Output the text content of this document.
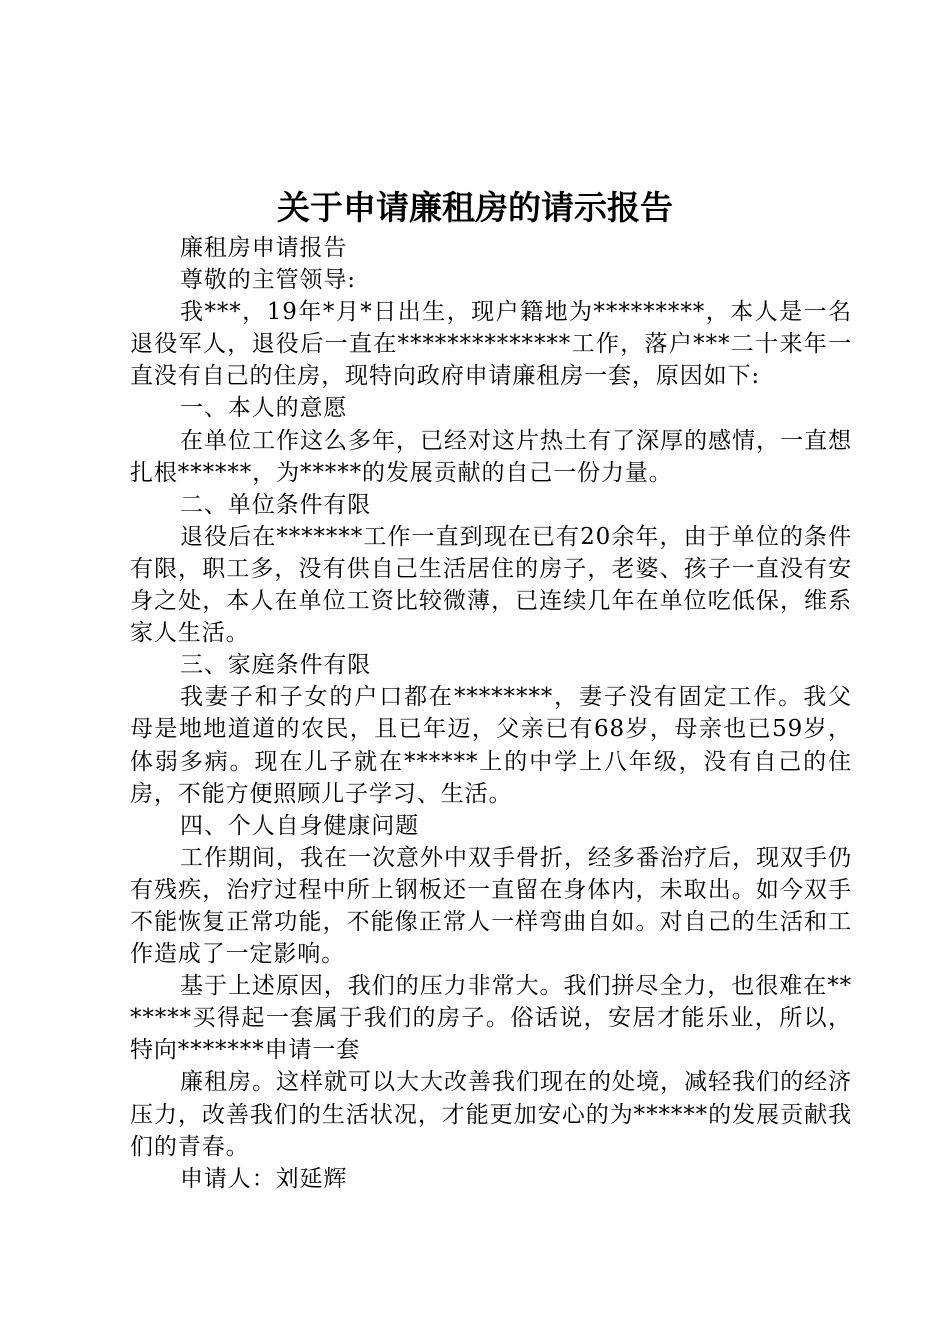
关于申请廉租房的请示报告

廉租房申请报告

尊敬的主管领导:

我***，19年*月*日出生，现户籍地为*********，本人是一名退役军人，退役后一直在**************工作，落户***二十来年一直没有自己的住房，现特向政府申请廉租房一套，原因如下:

一、本人的意愿

在单位工作这么多年，已经对这片热土有了深厚的感情，一直想扎根******，为*****的发展贡献的自己一份力量。

二、单位条件有限

退役后在*******工作一直到现在已有20余年，由于单位的条件有限，职工多，没有供自己生活居住的房子，老婆、孩子一直没有安身之处，本人在单位工资比较微薄，已连续几年在单位吃低保，维系家人生活。

三、家庭条件有限

我妻子和子女的户口都在********，妻子没有固定工作。我父母是地地道道的农民，且已年迈，父亲已有68岁，母亲也已59岁，体弱多病。现在儿子就在******上的中学上八年级，没有自己的住房，不能方便照顾儿子学习、生活。

四、个人自身健康问题

工作期间，我在一次意外中双手骨折，经多番治疗后，现双手仍有残疾，治疗过程中所上钢板还一直留在身体内，未取出。如今双手不能恢复正常功能，不能像正常人一样弯曲自如。对自己的生活和工作造成了一定影响。

基于上述原因，我们的压力非常大。我们拼尽全力，也很难在*******买得起一套属于我们的房子。俗话说，安居才能乐业，所以，特向*******申请一套

廉租房。这样就可以大大改善我们现在的处境，减轻我们的经济压力，改善我们的生活状况，才能更加安心的为******的发展贡献我们的青春。

申请人：刘延辉
